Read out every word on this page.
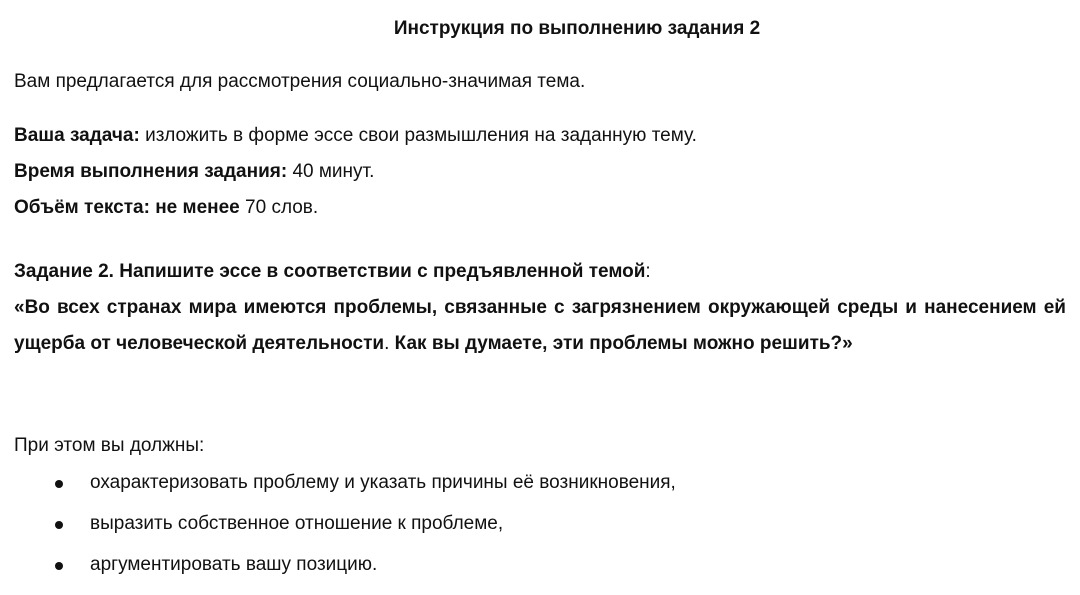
Инструкция по выполнению задания 2
Вам предлагается для рассмотрения социально-значимая тема.
Ваша задача: изложить в форме эссе свои размышления на заданную тему.
Время выполнения задания: 40 минут.
Объём текста: не менее 70 слов.
Задание 2. Напишите эссе в соответствии с предъявленной темой:
«Во всех странах мира имеются проблемы, связанные с загрязнением окружающей среды и нанесением ей ущерба от человеческой деятельности. Как вы думаете, эти проблемы можно решить?»
При этом вы должны:
охарактеризовать проблему и указать причины её возникновения,
выразить собственное отношение к проблеме,
аргументировать вашу позицию.
